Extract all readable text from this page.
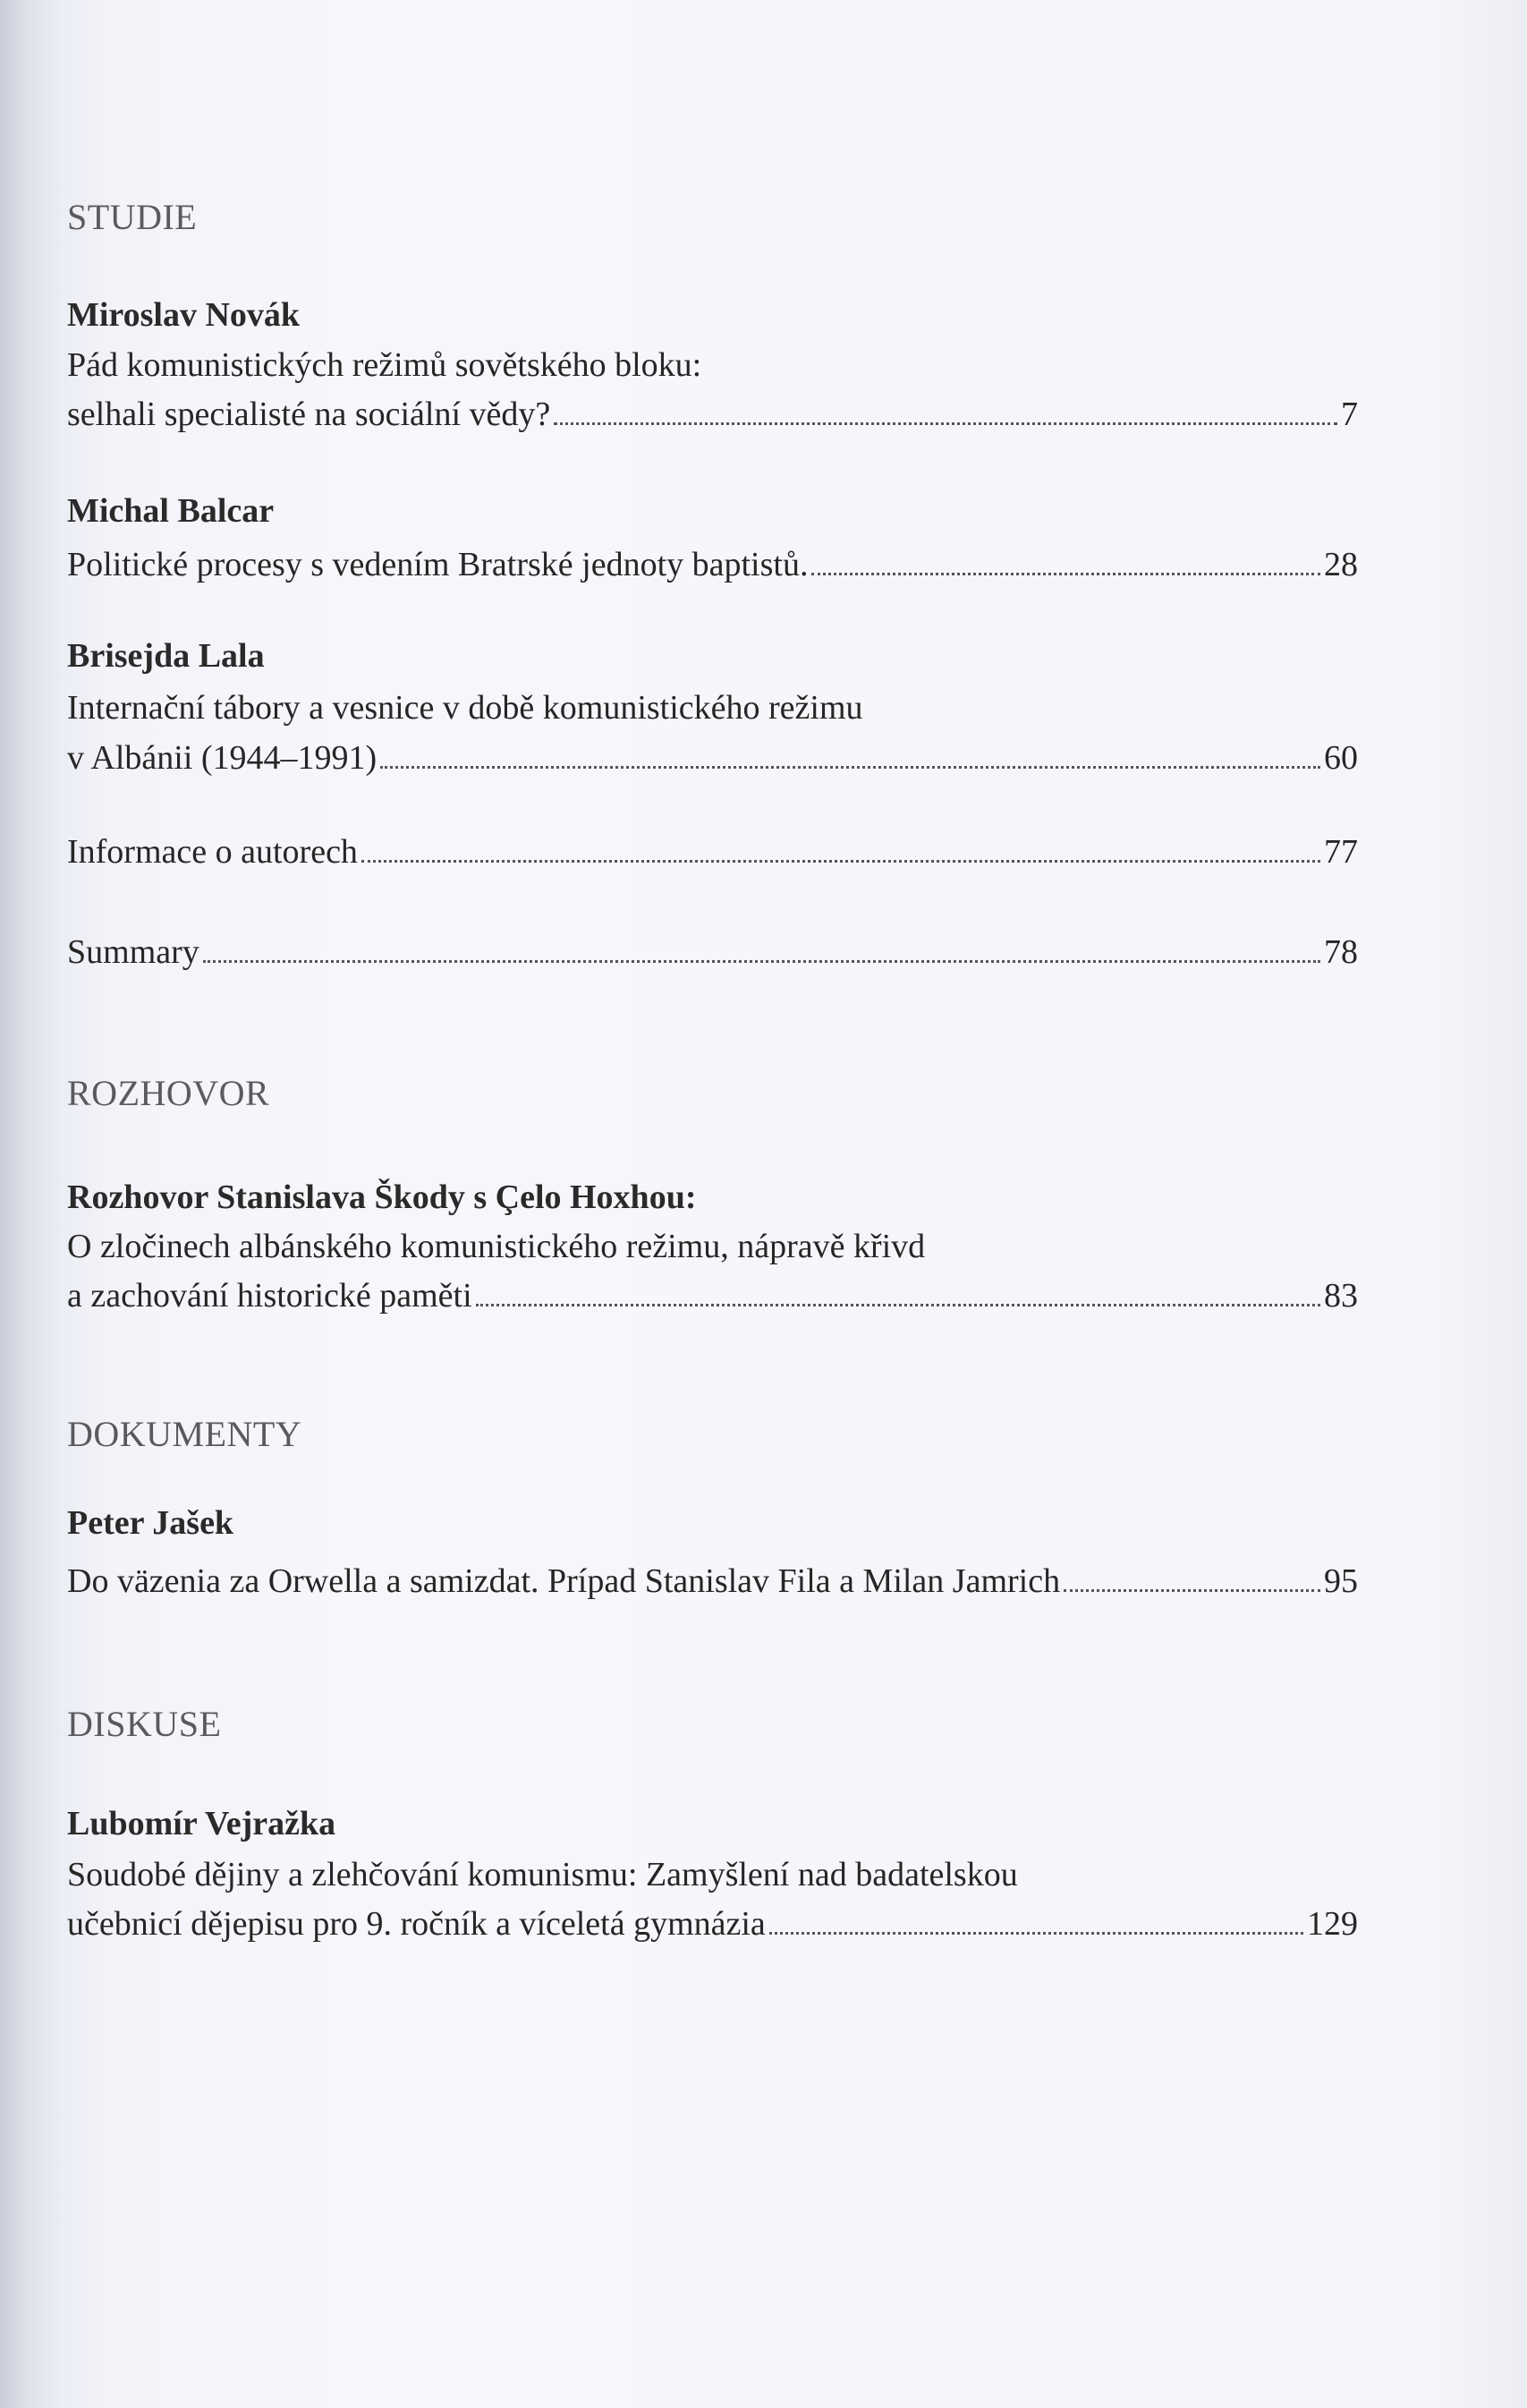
STUDIE
Miroslav Novák
Pád komunistických režimů sovětského bloku:
selhali specialisté na sociální vědy?	7
Michal Balcar
Politické procesy s vedením Bratrské jednoty baptistů.	28
Brisejda Lala
Internační tábory a vesnice v době komunistického režimu
v Albánii (1944–1991)	60
Informace o autorech	77
Summary	78
ROZHOVOR
Rozhovor Stanislava Škody s Çelo Hoxhou:
O zločinech albánského komunistického režimu, nápravě křivd
a zachování historické paměti	83
DOKUMENTY
Peter Jašek
Do väzenia za Orwella a samizdat. Prípad Stanislav Fila a Milan Jamrich	95
DISKUSE
Lubomír Vejražka
Soudobé dějiny a zlehčování komunismu: Zamyšlení nad badatelskou
učebnicí dějepisu pro 9. ročník a víceletá gymnázia	129
